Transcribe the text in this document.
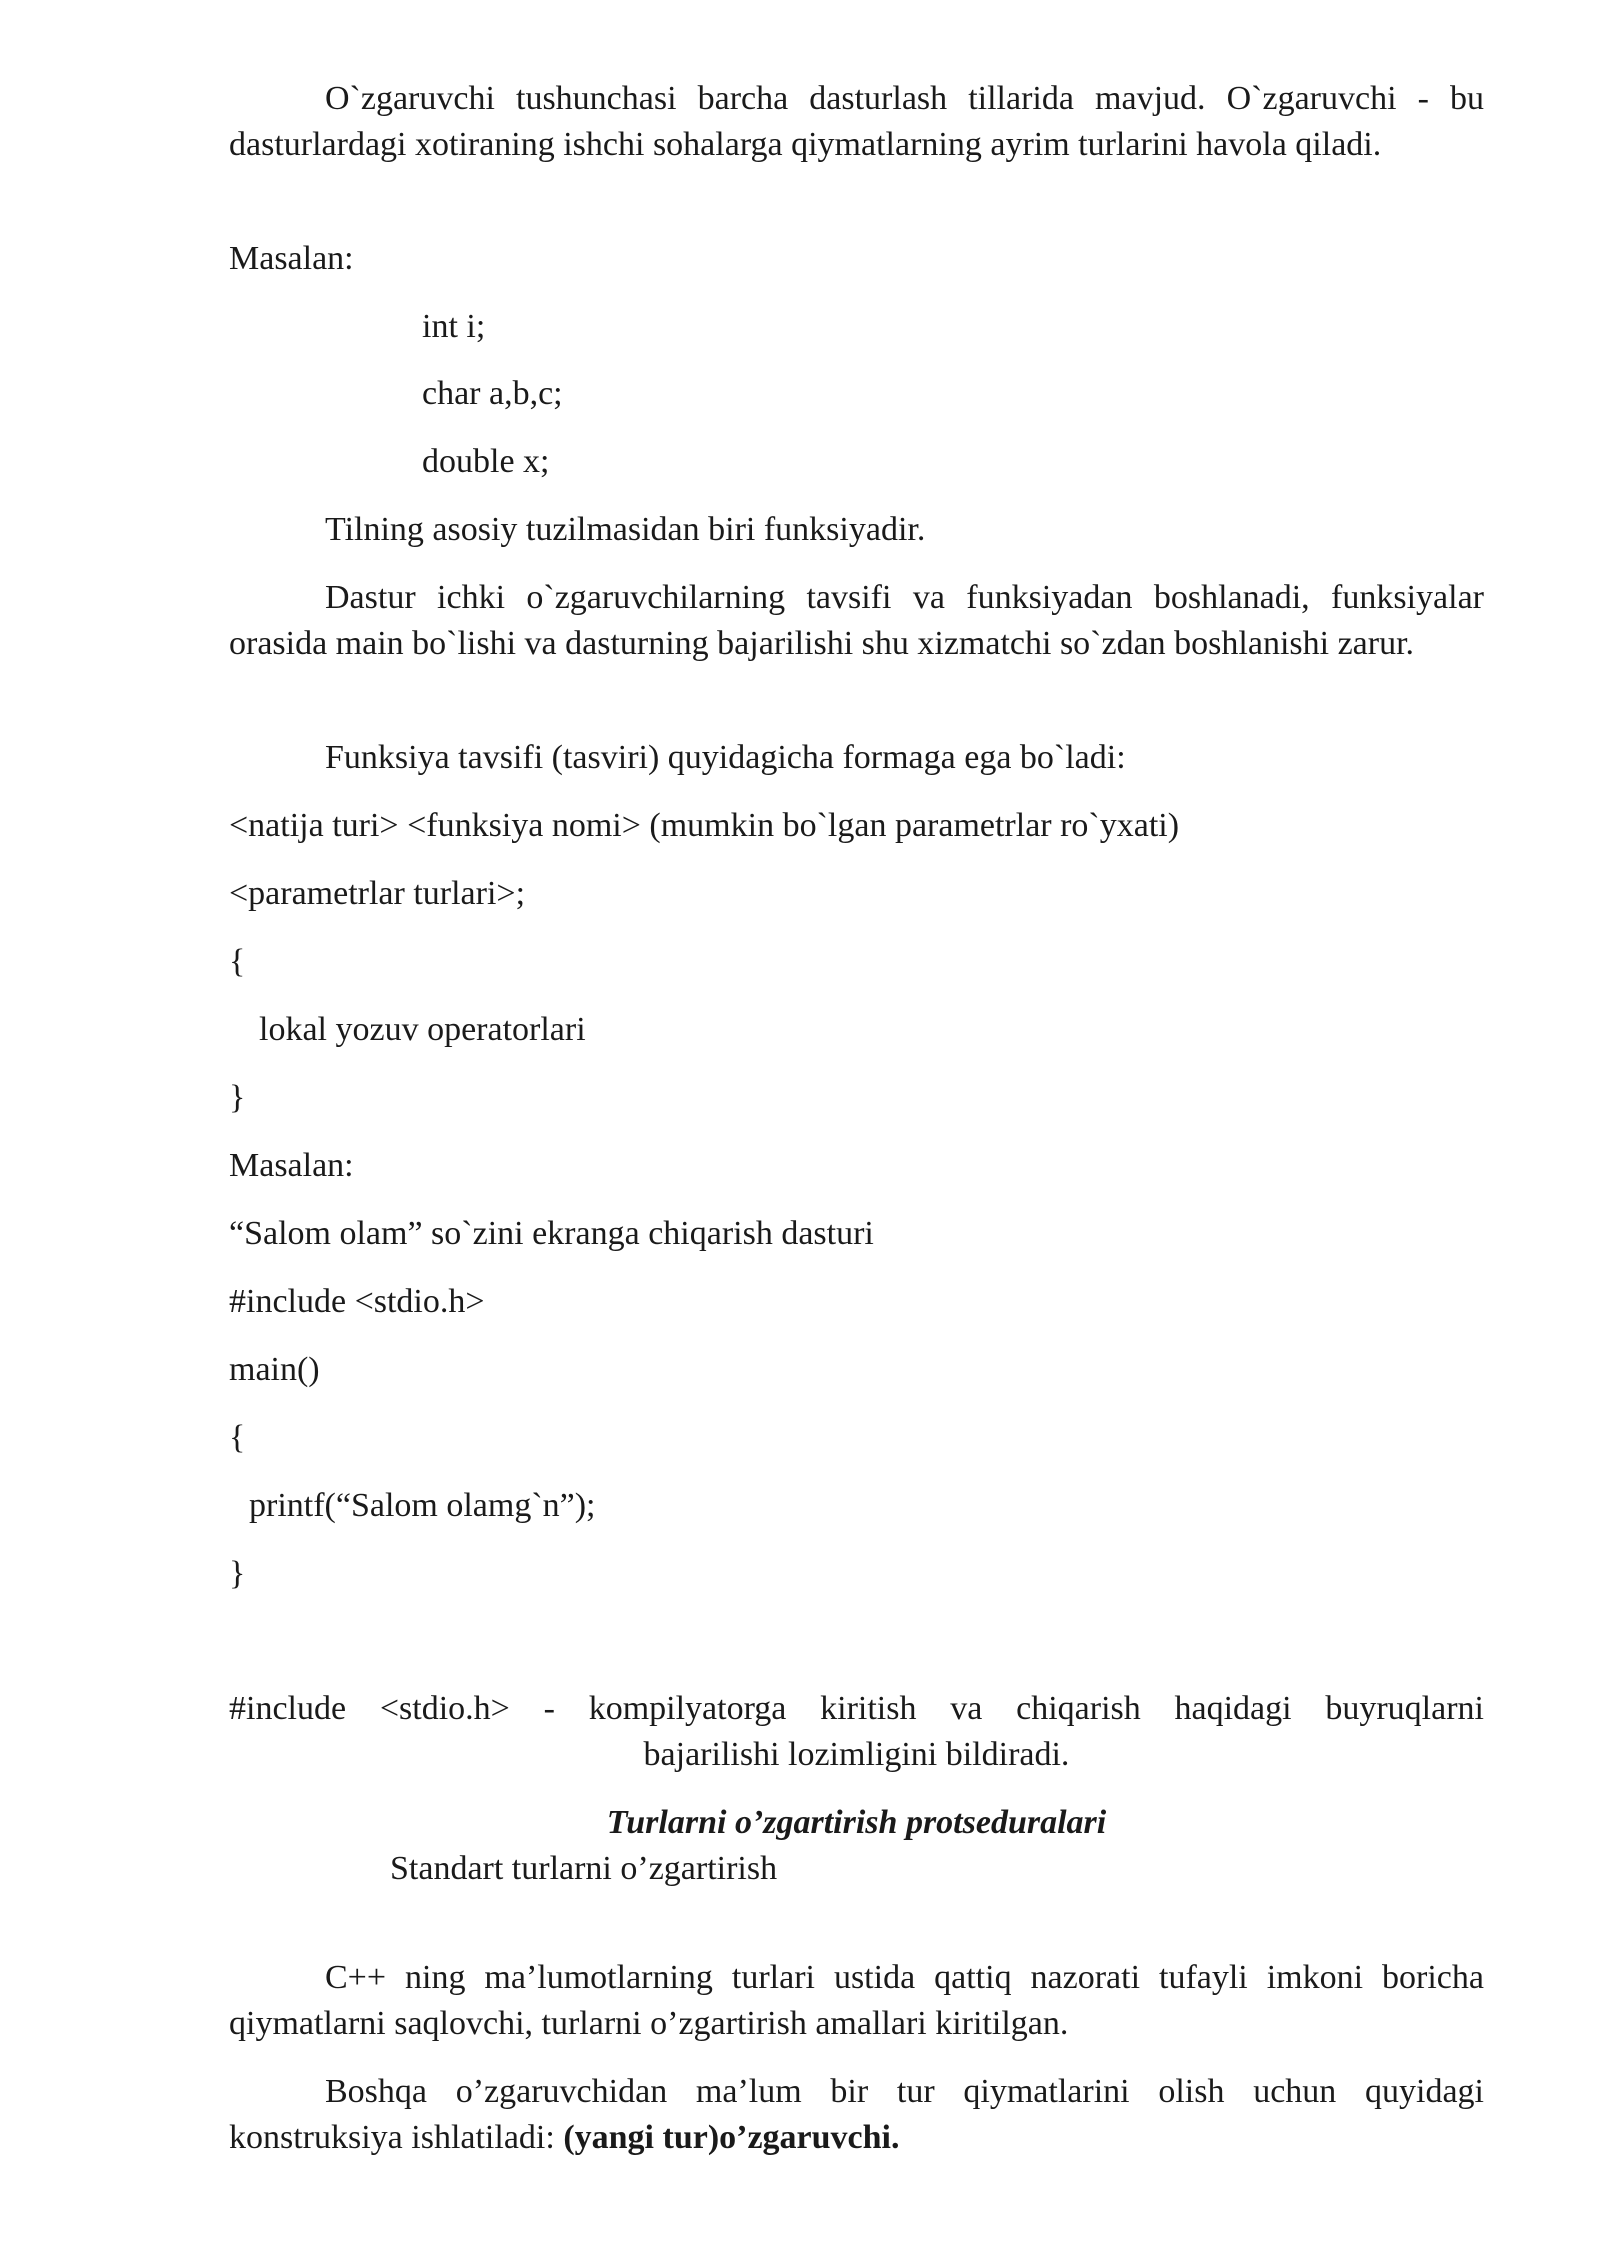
O`zgaruvchi tushunchasi barcha dasturlash tillarida mavjud. O`zgaruvchi - bu dasturlardagi xotiraning ishchi sohalarga qiymatlarning ayrim turlarini havola qiladi.
Masalan:
int i;
char a,b,c;
double x;
Tilning asosiy tuzilmasidan biri funksiyadir.
Dastur ichki o`zgaruvchilarning tavsifi va funksiyadan boshlanadi, funksiyalar orasida main bo`lishi va dasturning bajarilishi shu xizmatchi so`zdan boshlanishi zarur.
Funksiya tavsifi (tasviri) quyidagicha formaga ega bo`ladi:
<natija turi> <funksiya nomi> (mumkin bo`lgan parametrlar ro`yxati)
<parametrlar turlari>;
{
lokal yozuv operatorlari
}
Masalan:
“Salom olam” so`zini ekranga chiqarish dasturi
#include <stdio.h>
main()
{
printf(“Salom olamg`n”);
}
#include <stdio.h> - kompilyatorga kiritish va chiqarish haqidagi buyruqlarni
bajarilishi lozimligini bildiradi.
Turlarni o’zgartirish protseduralari
Standart turlarni o’zgartirish
C++ ning ma’lumotlarning turlari ustida qattiq nazorati tufayli imkoni boricha qiymatlarni saqlovchi, turlarni o’zgartirish amallari kiritilgan.
Boshqa o’zgaruvchidan ma’lum bir tur qiymatlarini olish uchun quyidagi konstruksiya ishlatiladi: (yangi tur)o’zgaruvchi.
